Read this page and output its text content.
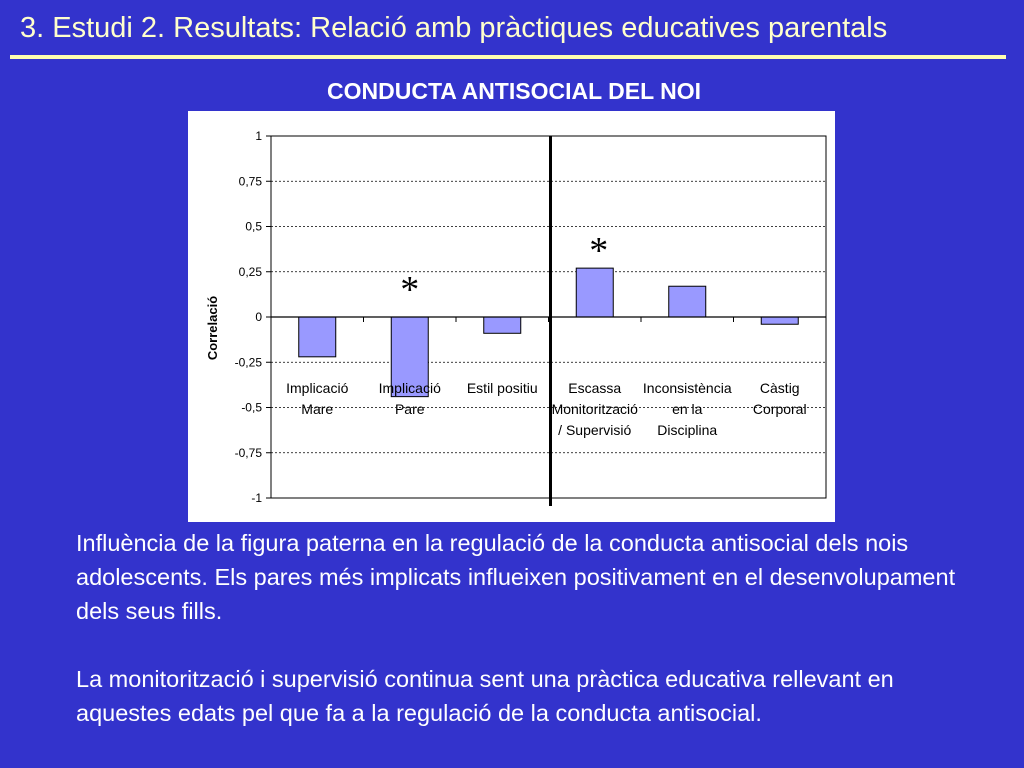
3. Estudi 2. Resultats: Relació amb pràctiques educatives parentals
CONDUCTA ANTISOCIAL DEL NOI
1
0,75
0,5
0,25
0
-0,25
-0,5
-0,75
-1
Implicació
Mare
Implicació
Pare
Estil positiu Escassa
Monitorització
/ Supervisió
Inconsistència
en la
Disciplina
Càstig
Corporal
*
*
Correlació
Influència de la figura paterna en la regulació de la conducta antisocial dels nois adolescents. Els pares més implicats influeixen positivament en el desenvolupament dels seus fills.
La monitorització i supervisió continua sent una pràctica educativa rellevant en aquestes edats pel que fa a la regulació de la conducta antisocial.
